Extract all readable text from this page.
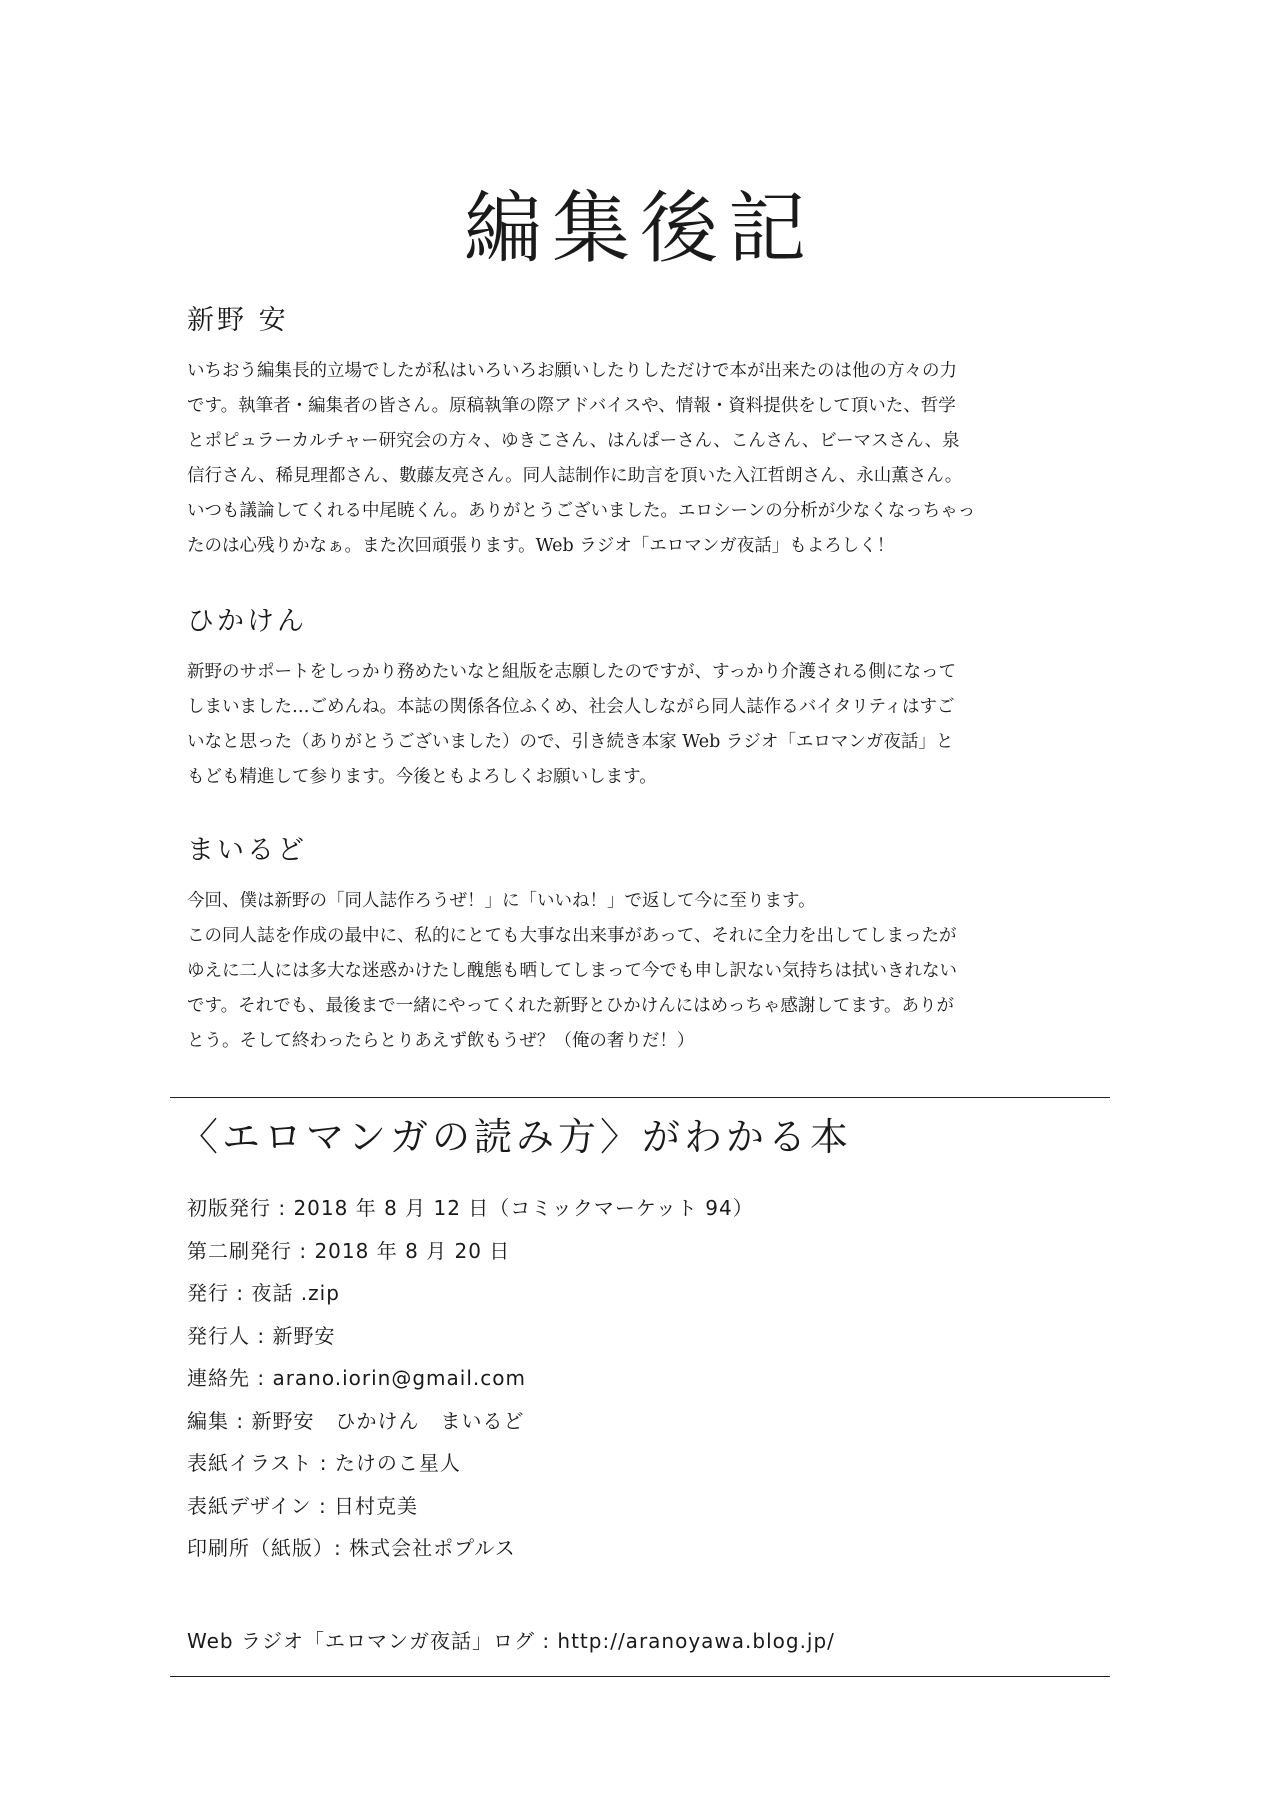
編集後記
新野 安

いちおう編集長的立場でしたが私はいろいろお願いしたりしただけで本が出来たのは他の方々の力
です。執筆者・編集者の皆さん。原稿執筆の際アドバイスや、情報・資料提供をして頂いた、哲学
とポピュラーカルチャー研究会の方々、ゆきこさん、はんぱーさん、こんさん、ビーマスさん、泉
信行さん、稀見理都さん、數藤友亮さん。同人誌制作に助言を頂いた入江哲朗さん、永山薫さん。
いつも議論してくれる中尾暁くん。ありがとうございました。エロシーンの分析が少なくなっちゃっ
たのは心残りかなぁ。また次回頑張ります。Web ラジオ「エロマンガ夜話」もよろしく！

ひかけん

新野のサポートをしっかり務めたいなと組版を志願したのですが、すっかり介護される側になって
しまいました…ごめんね。本誌の関係各位ふくめ、社会人しながら同人誌作るバイタリティはすご
いなと思った（ありがとうございました）ので、引き続き本家 Web ラジオ「エロマンガ夜話」と
もども精進して参ります。今後ともよろしくお願いします。

まいるど

今回、僕は新野の「同人誌作ろうぜ！」に「いいね！」で返して今に至ります。
この同人誌を作成の最中に、私的にとても大事な出来事があって、それに全力を出してしまったが
ゆえに二人には多大な迷惑かけたし醜態も晒してしまって今でも申し訳ない気持ちは拭いきれない
です。それでも、最後まで一緒にやってくれた新野とひかけんにはめっちゃ感謝してます。ありが
とう。そして終わったらとりあえず飲もうぜ？（俺の奢りだ！）

〈エロマンガの読み方〉がわかる本
初版発行 : 2018 年 8 月 12 日（コミックマーケット 94）
第二刷発行 : 2018 年 8 月 20 日
発行 : 夜話 .zip
発行人 : 新野安
連絡先 : arano.iorin@gmail.com
編集 : 新野安　ひかけん　まいるど
表紙イラスト : たけのこ星人
表紙デザイン : 日村克美
印刷所（紙版）: 株式会社ポプルス

Web ラジオ「エロマンガ夜話」ログ : http://aranoyawa.blog.jp/
